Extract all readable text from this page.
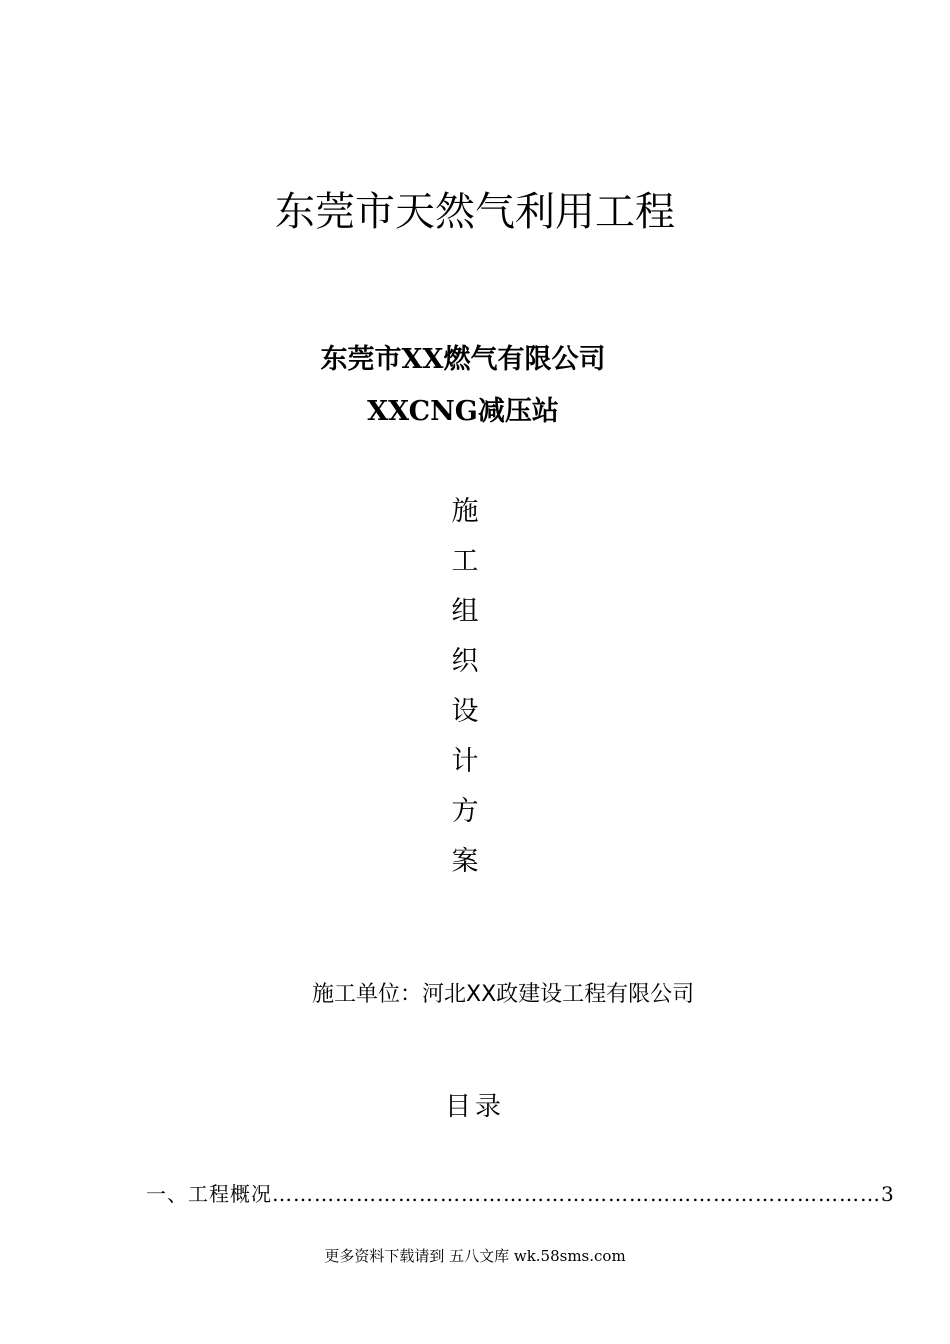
东莞市天然气利用工程
东莞市XX燃气有限公司
XXCNG减压站
施
工
组
织
设
计
方
案
施工单位：河北XX政建设工程有限公司
目录
一、工程概况 …………………………………………………………………………… 3
更多资料下载请到 五八文库 wk.58sms.com
